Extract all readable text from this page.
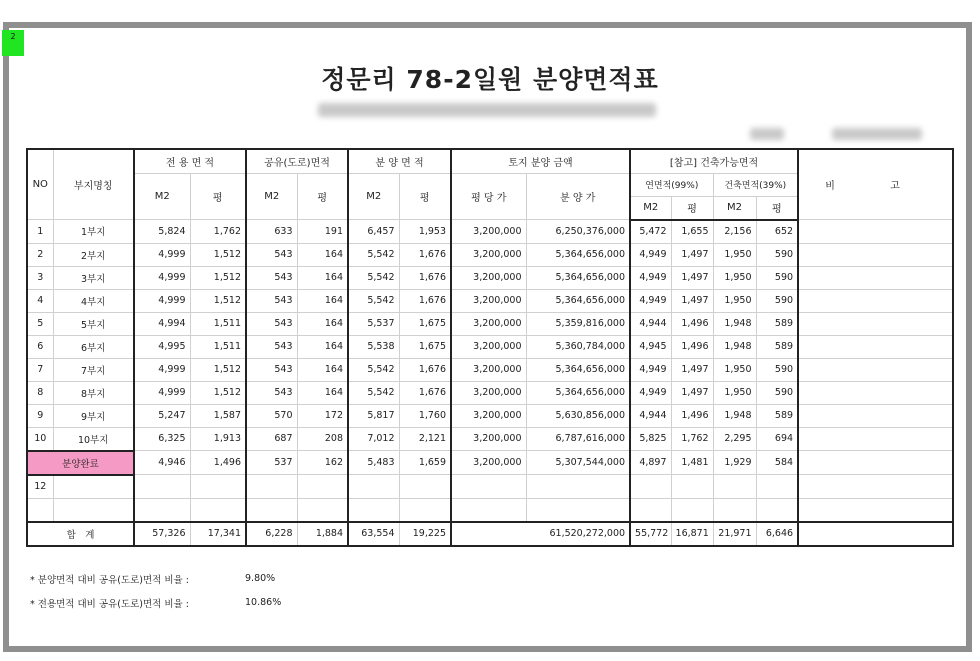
2
정문리 78-2일원 분양면적표
NO	부지명칭	전 용 면 적		공유(도로)면적		분 양 면 적		토지 분양 금액		[참고] 건축가능면적				비 고
		M2	평	M2	평	M2	평	평 당 가	분 양 가	연면적(99%)		건축면적(39%)		
										M2	평	M2	평	
1	1부지	5,824	1,762	633	191	6,457	1,953	3,200,000	6,250,376,000	5,472	1,655	2,156	652	
2	2부지	4,999	1,512	543	164	5,542	1,676	3,200,000	5,364,656,000	4,949	1,497	1,950	590	
3	3부지	4,999	1,512	543	164	5,542	1,676	3,200,000	5,364,656,000	4,949	1,497	1,950	590	
4	4부지	4,999	1,512	543	164	5,542	1,676	3,200,000	5,364,656,000	4,949	1,497	1,950	590	
5	5부지	4,994	1,511	543	164	5,537	1,675	3,200,000	5,359,816,000	4,944	1,496	1,948	589	
6	6부지	4,995	1,511	543	164	5,538	1,675	3,200,000	5,360,784,000	4,945	1,496	1,948	589	
7	7부지	4,999	1,512	543	164	5,542	1,676	3,200,000	5,364,656,000	4,949	1,497	1,950	590	
8	8부지	4,999	1,512	543	164	5,542	1,676	3,200,000	5,364,656,000	4,949	1,497	1,950	590	
9	9부지	5,247	1,587	570	172	5,817	1,760	3,200,000	5,630,856,000	4,944	1,496	1,948	589	
10	10부지	6,325	1,913	687	208	7,012	2,121	3,200,000	6,787,616,000	5,825	1,762	2,295	694	
분양완료		4,946	1,496	537	162	5,483	1,659	3,200,000	5,307,544,000	4,897	1,481	1,929	584	
12														

합　계		57,326	17,341	6,228	1,884	63,554	19,225	61,520,272,000		55,772	16,871	21,971	6,646	
* 분양면적 대비 공유(도로)면적 비율 :	9.80%
* 전용면적 대비 공유(도로)면적 비율 :	10.86%
